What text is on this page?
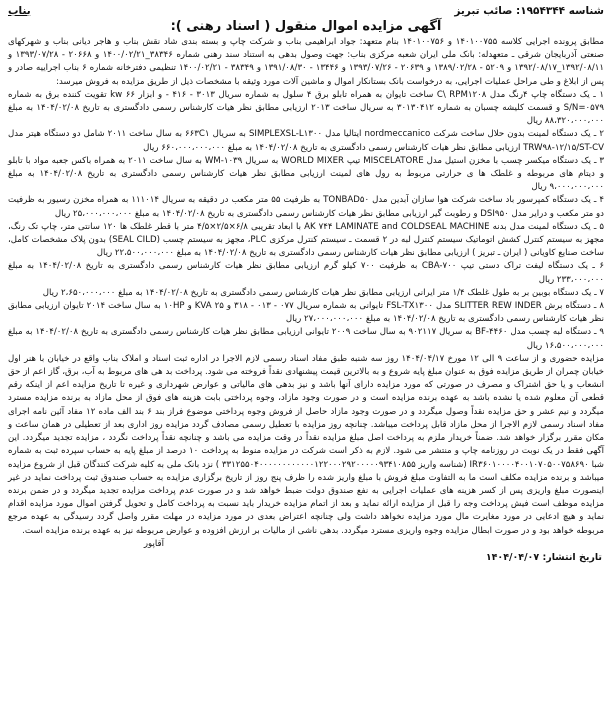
شناسه ۱۹۵۴۳۴۴: صائب تبریز
بناب
آگهی مزایده اموال منقول ( اسناد رهنی ):

مطابق پرونده اجرایی کلاسه ۱۴۰۱۰۰۷۵۵ و ۱۴۰۱۰۰۷۵۶ بنام متعهد: جواد ابراهیمی بناب و شرکت چاپ و بسته بندی شاد نقش بناب و هاجر دیانی بناب و شهرکهای صنعتی آذربایجان شرقی ـ متعهدله: بانک ملی ایران شعبه مرکزی بناب: جهت وصول بدهی به استناد سند رهنی شماره ۳۸۳۴۶_۱۴۰۰/۰۲/۲۱ و ۲۰۶۶۸ - ۱۳۹۳/۰۷/۲۸ و ۱۳۹۲/۰۸/۱۱_۱۳۹۲/۰۸/۱۷ و ۵۲۰۹ - ۱۳۸۹/۰۲/۲۸ و ۲۰۶۳۹ - ۱۳۹۳/۰۷/۲۶ و ۱۳۴۴۶ - ۱۳۹۱/۰۸/۳۰ و ۳۸۳۴۹ - ۱۴۰۰/۰۲/۲۱ تنظیمی دفترخانه شماره ۶ بناب اجراییه صادر و پس از ابلاغ و طی مراحل عملیات اجرایی، به درخواست بانک بستانکار اموال و ماشین آلات مورد وثیقه با مشخصات ذیل از طریق مزایده به فروش میرسد:

۱ ـ یک دستگاه چاپ ۴رنگ مدل C\ RPM۱۲۰۸ ساخت تایوان به همراه تابلو برق ۴ سلول به شماره سریال ۳۰۱۳ - ۴۱۶ - و ابزار kw ۶۶ تقویت کننده برق به شماره S/N=۰۵۷۹ و قسمت کلیشه چسبان به شماره ۳۰۱۳۰۴۱۲ به سریال ساخت ۲۰۱۳ ارزیابی مطابق نظر هیات کارشناس رسمی دادگستری به تاریخ ۱۴۰۴/۰۲/۰۸ به مبلغ ۸۸،۳۲۰،۰۰۰،۰۰۰ ریال

۲ ـ یک دستگاه لمینت بدون حلال ساخت شرکت nordmeccanico ایتالیا مدل SIMPLEXSL-L۱۳۰۰ به سریال ۶۶۳C۱ به سال ساخت ۲۰۱۱ شامل دو دستگاه هیتر مدل TRW۹۸-۱۲/۱۵/ST-CV ارزیابی مطابق نظر هیات کارشناس رسمی دادگستری به تاریخ ۱۴۰۴/۰۲/۰۸ به مبلغ ۶۶۰،۰۰۰،۰۰۰،۰۰۰ ریال

۳ ـ یک دستگاه میکسر چسب با مخزن استیل مدل MISCELATORE تیپ WORLD MIXER به سریال WM-۱۰۳۹ به سال ساخت ۲۰۱۱ به همراه باکس جعبه مواد با تابلو و دیتام های مربوطه و غلطک ها ی حرارتی مربوط به رول های لمینت ارزیابی مطابق نظر هیات کارشناس رسمی دادگستری به تاریخ ۱۴۰۴/۰۲/۰۸ به مبلغ ۹،۰۰۰،۰۰۰،۰۰۰ ریال

۴ ـ یک دستگاه کمپرسور باد ساخت شرکت هوا سازان آبدین مدل TONBAD۵۰ به ظرفیت ۵۵ متر مکعب در دقیقه به سریال ۱۱۱۰۱۴ به همراه مخزن رسیور به ظرفیت دو متر مکعب و درایر مدل DSI۹۵۰ و رطوبت گیر ارزیابی مطابق نظر هیات کارشناس رسمی دادگستری به تاریخ ۱۴۰۴/۰۲/۰۸ به مبلغ ۲۵،۰۰۰،۰۰۰،۰۰۰ ریال

۵ ـ یک دستگاه لمینت مدل بدنه AK ۷۴۴ LAMINATE and COLDSEAL MACHINE با ابعاد تقریبی ۶/۸×۲/۵×۴/۵ متر با قطر غلطک ها ۱۲۰ سانتی متر، چاپ تک رنگ، مجهز به سیستم کنترل کشش اتوماتیک سیستم کنترل لبه در ۲ قسمت ـ سیستم کنترل مرکزی PLC، مجهز به سیستم چسب (SEAL CILD) بدون پلاک مشخصات کامل، ساخت صنایع کاویانی ( ایران ـ تبریز ) ارزیابی مطابق نظر هیات کارشناس رسمی دادگستری به تاریخ ۱۴۰۴/۰۲/۰۸ به مبلغ ۲۲،۵۰۰،۰۰۰،۰۰۰ ریال

۶ ـ یک دستگاه لیفت تراک دستی تیپ CBA-۷۰۰ به ظرفیت ۷۰۰ کیلو گرم ارزیابی مطابق نظر هیات کارشناس رسمی دادگستری به تاریخ ۱۴۰۴/۰۲/۰۸ به مبلغ ۲۳۳،۰۰۰،۰۰۰ ریال

۷ ـ یک دستگاه بوبین بر به طول غلطک ۱/۴ متر ایرانی ارزیابی مطابق نظر هیات کارشناس رسمی دادگستری به تاریخ ۱۴۰۴/۰۲/۰۸ به مبلغ ۲،۶۵۰،۰۰۰،۰۰۰ ریال

۸ ـ دستگاه برش SLITTER REW INDER مدل FSL-TX۱۳۰۰ تایوانی به شماره سریال ۰۷۷ - ۰۱۳ - ۳۱۸ و KVA ۲۵ و ۱۰HP به سال ساخت ۲۰۱۴ تایوان ارزیابی مطابق نظر هیات کارشناس رسمی دادگستری به تاریخ ۱۴۰۴/۰۲/۰۸ به مبلغ ۲۷،۰۰۰،۰۰۰،۰۰۰ ریال

۹ ـ دستگاه لبه چسب مدل BF-۴۴۶۰ به سریال ۹۰۲۱۱۷ به سال ساخت ۲۰۰۹ تایوانی ارزیابی مطابق نظر هیات کارشناس رسمی دادگستری به تاریخ ۱۴۰۴/۰۲/۰۸ به مبلغ ۱۶،۵۰۰،۰۰۰،۰۰۰ ریال

مزایده حضوری و از ساعت ۹ الی ۱۲ مورخ ۱۴۰۴/۰۴/۱۷ روز سه شنبه طبق مفاد اسناد رسمی لازم الاجرا در اداره ثبت اسناد و املاک بناب واقع در خیابان با هنر اول خیابان چمران از طریق مزایده فوق به عنوان مبلغ پایه شروع و به بالاترین قیمت پیشنهادی نقداً فروخته می شود. پرداخت بد هی های مربوط به آب، برق، گاز اعم از حق انشعاب و یا حق اشتراک و مصرف در صورتی که مورد مزایده دارای آنها باشد و نیز بدهی های مالیاتی و عوارض شهرداری و غیره تا تاریخ مزایده اعم از اینکه رقم قطعی آن معلوم شده یا نشده باشد به عهده برنده مزایده است و در صورت وجود مازاد، وجوه پرداختی بابت هزینه های فوق از محل مازاد به برنده مزایده مسترد میگردد و نیم عشر و حق مزایده نقداً وصول میگردد و در صورت وجود مازاد حاصل از فروش وجوه پرداختی موضوع فراز بند ۶ بند الف ماده ۱۲ مفاد آئین نامه اجرای مفاد اسناد رسمی لازم الاجرا از محل مازاد قابل پرداخت میباشد. چنانچه روز مزایده با تعطیل رسمی مصادف گردد مزایده روز اداری بعد از تعطیلی در همان ساعت و مکان مقرر برگزار خواهد شد. ضمناً خریدار ملزم به پرداخت اصل مبلغ مزایده نقداً در وقت مزایده می باشد و چنانچه نقداً پرداخت نگردد ، مزایده تجدید میگردد. این آگهی فقط در یک نوبت در روزنامه چاپ و منتشر می شود. لازم به ذکر است شرکت در مزایده منوط به پرداخت ۱۰ درصد از مبلغ پایه به حساب سپرده ثبت به شماره شبا IR۳۶۰۱۰۰۰۰۴۰۰۱۰۷۰۵۰۰۷۵۸۶۹۰ (شناسه واریز ۳۳۱۲۵۵۰۴۰۰۰۰۰۰۰۰۰۰۰۰۱۲۲۰۰۰۲۹۲۰۰۰۰۰۹۳۴۱۰۸۵۵ ) نزد بانک ملی به کلیه شرکت کنندگان قبل از شروع مزایده میباشد و برنده مزایده مکلف است ما به التفاوت مبلغ فروش با مبلغ واریز شده را ظرف پنج روز از تاریخ برگزاری مزایده به حساب صندوق ثبت پرداخت نماید در غیر اینصورت مبلغ واریزی پس از کسر هزینه های عملیات اجرایی به نفع صندوق دولت ضبط خواهد شد و در صورت عدم پرداخت مزایده تجدید میگردد و در ضمن برنده مزایده موظف است فیش پرداخت وجه را قبل از مزایده ارائه نماید و بعد از اتمام مزایده خریدار باید نسبت به پرداخت کامل و تحویل گرفتن اموال مورد مزایده اقدام نماید و هیچ ادعایی در مورد مغایرت مال مورد مزایده نخواهد داشت ولی چنانچه اعتراض بعدی در مورد مزایده در مهلت مقرر واصل گردد رسیدگی به عهده مرجع مربوطه خواهد بود و در صورت ابطال مزایده وجوه واریزی مسترد میگردد. بدهی ناشی از مالیات بر ارزش افزوده و عوارض مربوطه نیز به عهده برنده مزایده است.

آقاپور
تاریخ انتشار: ۱۴۰۴/۰۴/۰۷
